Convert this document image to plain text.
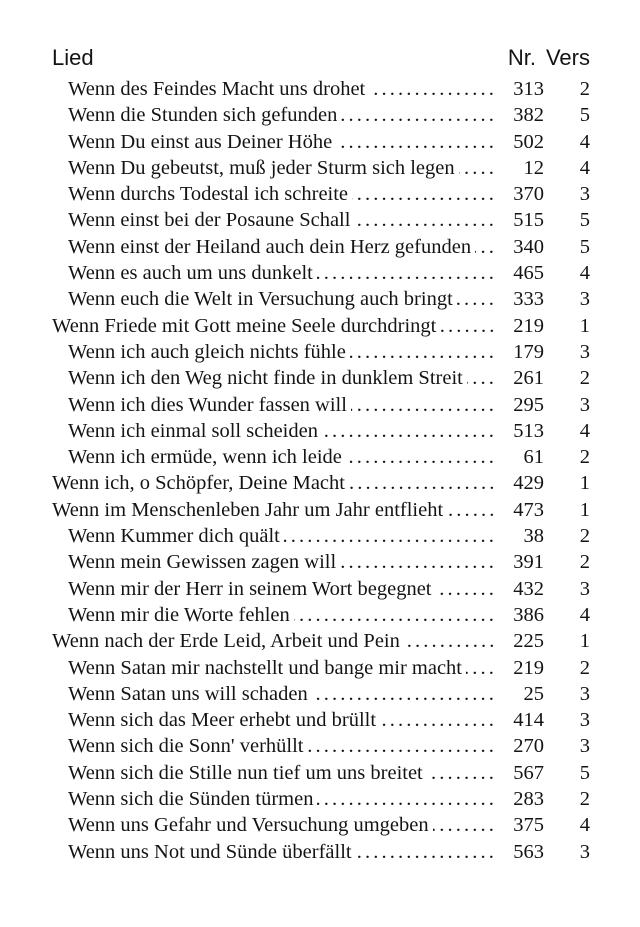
Lied	Nr. Vers
Wenn des Feindes Macht uns drohet . . .	313	2
Wenn die Stunden sich gefunden . . .	382	5
Wenn Du einst aus Deiner Höhe . . .	502	4
Wenn Du gebeutst, muß jeder Sturm sich legen . . .	12	4
Wenn durchs Todestal ich schreite . . .	370	3
Wenn einst bei der Posaune Schall . . .	515	5
Wenn einst der Heiland auch dein Herz gefunden . . .	340	5
Wenn es auch um uns dunkelt . . .	465	4
Wenn euch die Welt in Versuchung auch bringt . . .	333	3
Wenn Friede mit Gott meine Seele durchdringt . . .	219	1
Wenn ich auch gleich nichts fühle . . .	179	3
Wenn ich den Weg nicht finde in dunklem Streit . . .	261	2
Wenn ich dies Wunder fassen will . . .	295	3
Wenn ich einmal soll scheiden . . .	513	4
Wenn ich ermüde, wenn ich leide . . .	61	2
Wenn ich, o Schöpfer, Deine Macht . . .	429	1
Wenn im Menschenleben Jahr um Jahr entflieht . . .	473	1
Wenn Kummer dich quält . . .	38	2
Wenn mein Gewissen zagen will . . .	391	2
Wenn mir der Herr in seinem Wort begegnet . . .	432	3
Wenn mir die Worte fehlen . . .	386	4
Wenn nach der Erde Leid, Arbeit und Pein . . .	225	1
Wenn Satan mir nachstellt und bange mir macht . . .	219	2
Wenn Satan uns will schaden . . .	25	3
Wenn sich das Meer erhebt und brüllt . . .	414	3
Wenn sich die Sonn' verhüllt . . .	270	3
Wenn sich die Stille nun tief um uns breitet . . .	567	5
Wenn sich die Sünden türmen . . .	283	2
Wenn uns Gefahr und Versuchung umgeben . . .	375	4
Wenn uns Not und Sünde überfällt . . .	563	3
